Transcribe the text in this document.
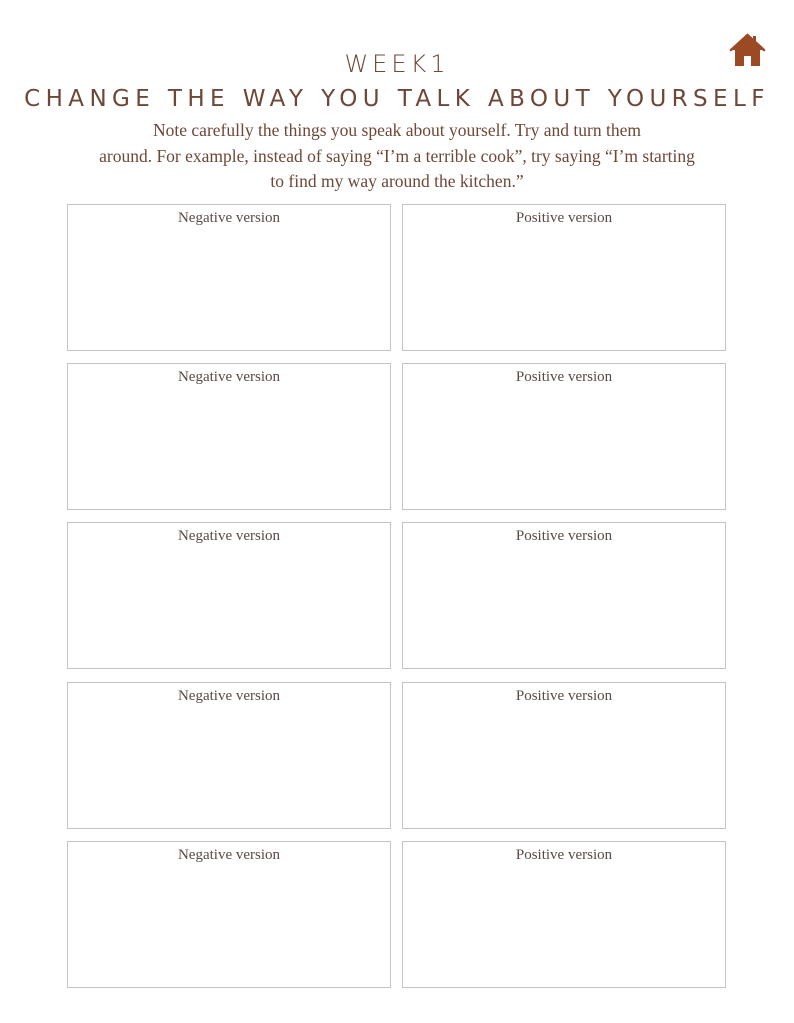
WEEK1
CHANGE THE WAY YOU TALK ABOUT YOURSELF
Note carefully the things you speak about yourself. Try and turn them
around. For example, instead of saying “I’m a terrible cook”, try saying “I’m starting
to find my way around the kitchen.”
Negative version	Positive version
Negative version	Positive version
Negative version	Positive version
Negative version	Positive version
Negative version	Positive version
